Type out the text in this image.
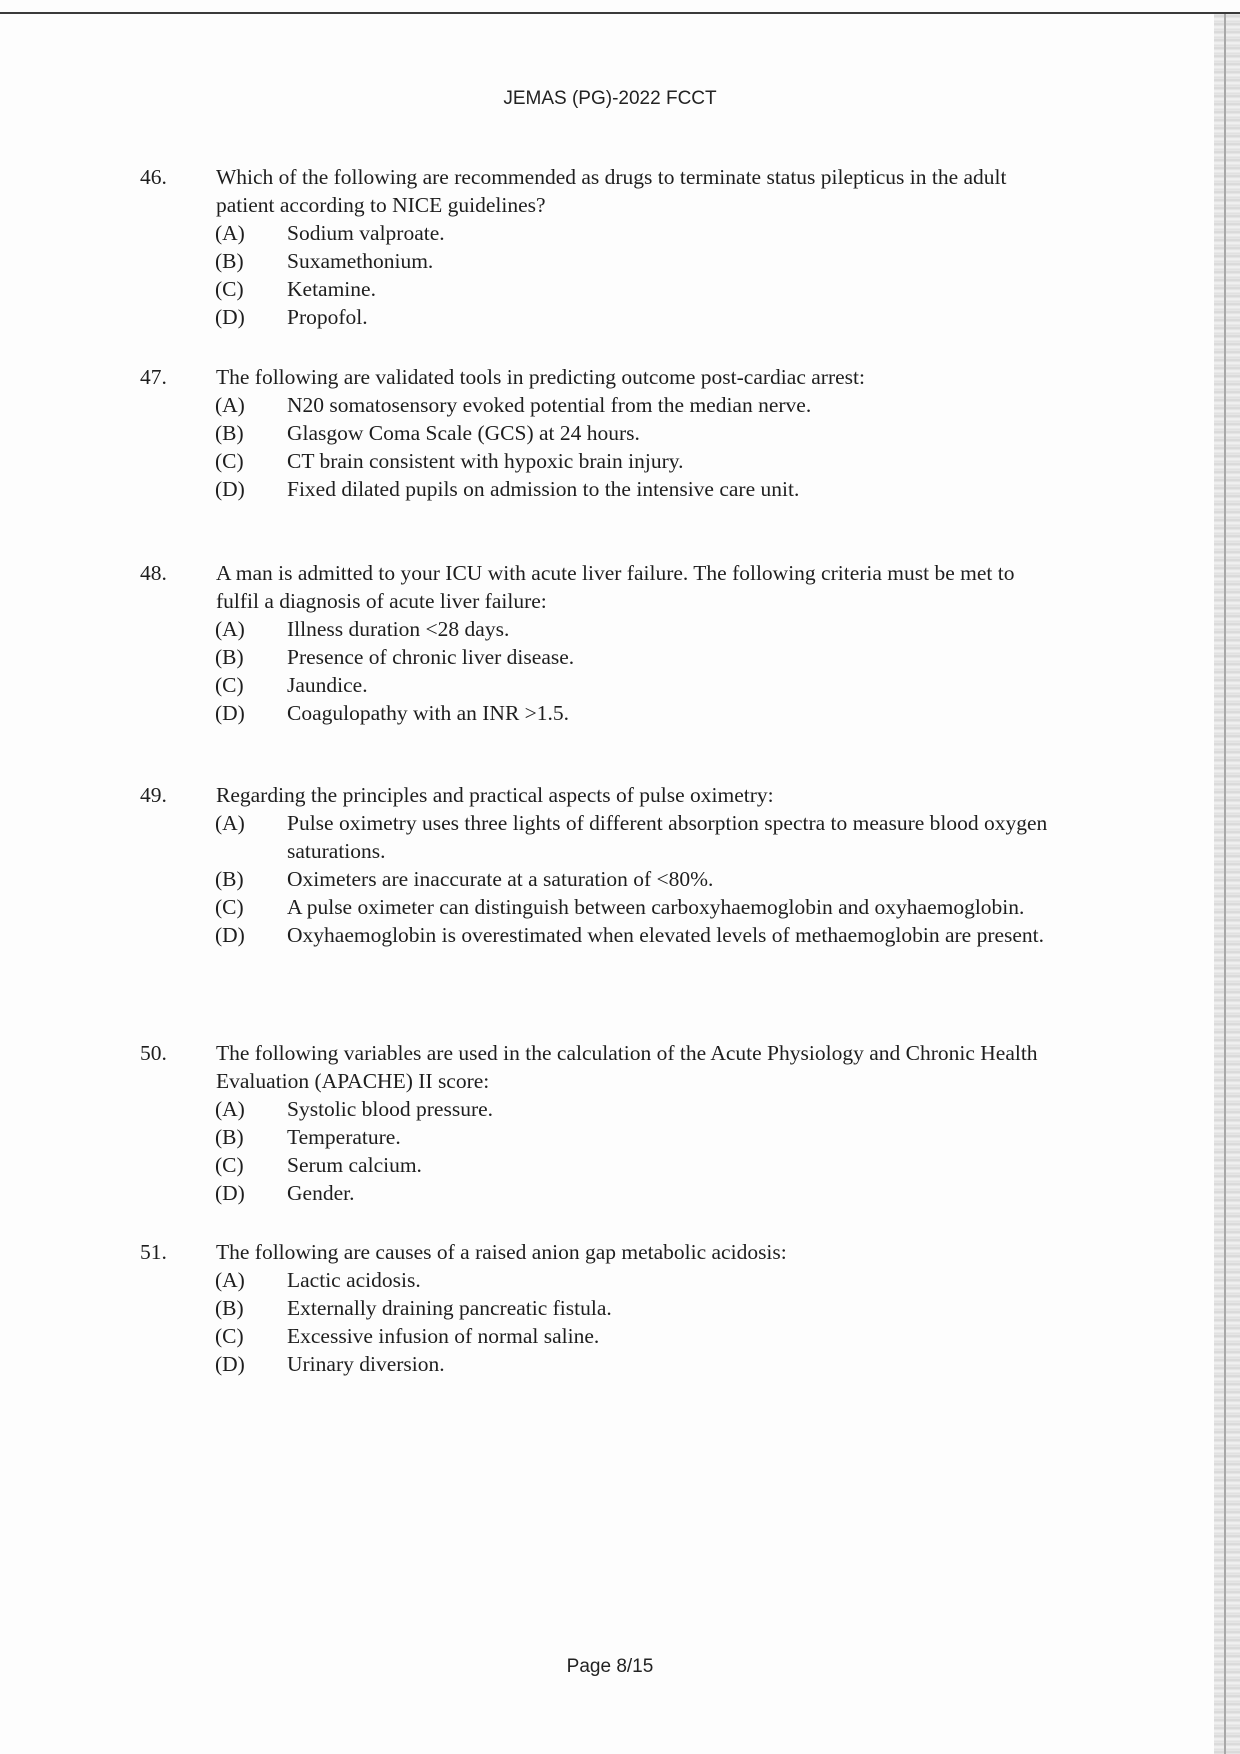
JEMAS (PG)-2022 FCCT
46. Which of the following are recommended as drugs to terminate status pilepticus in the adult patient according to NICE guidelines?
(A) Sodium valproate.
(B) Suxamethonium.
(C) Ketamine.
(D) Propofol.
47. The following are validated tools in predicting outcome post-cardiac arrest:
(A) N20 somatosensory evoked potential from the median nerve.
(B) Glasgow Coma Scale (GCS) at 24 hours.
(C) CT brain consistent with hypoxic brain injury.
(D) Fixed dilated pupils on admission to the intensive care unit.
48. A man is admitted to your ICU with acute liver failure. The following criteria must be met to fulfil a diagnosis of acute liver failure:
(A) Illness duration <28 days.
(B) Presence of chronic liver disease.
(C) Jaundice.
(D) Coagulopathy with an INR >1.5.
49. Regarding the principles and practical aspects of pulse oximetry:
(A) Pulse oximetry uses three lights of different absorption spectra to measure blood oxygen saturations.
(B) Oximeters are inaccurate at a saturation of <80%.
(C) A pulse oximeter can distinguish between carboxyhaemoglobin and oxyhaemoglobin.
(D) Oxyhaemoglobin is overestimated when elevated levels of methaemoglobin are present.
50. The following variables are used in the calculation of the Acute Physiology and Chronic Health Evaluation (APACHE) II score:
(A) Systolic blood pressure.
(B) Temperature.
(C) Serum calcium.
(D) Gender.
51. The following are causes of a raised anion gap metabolic acidosis:
(A) Lactic acidosis.
(B) Externally draining pancreatic fistula.
(C) Excessive infusion of normal saline.
(D) Urinary diversion.
Page 8/15
